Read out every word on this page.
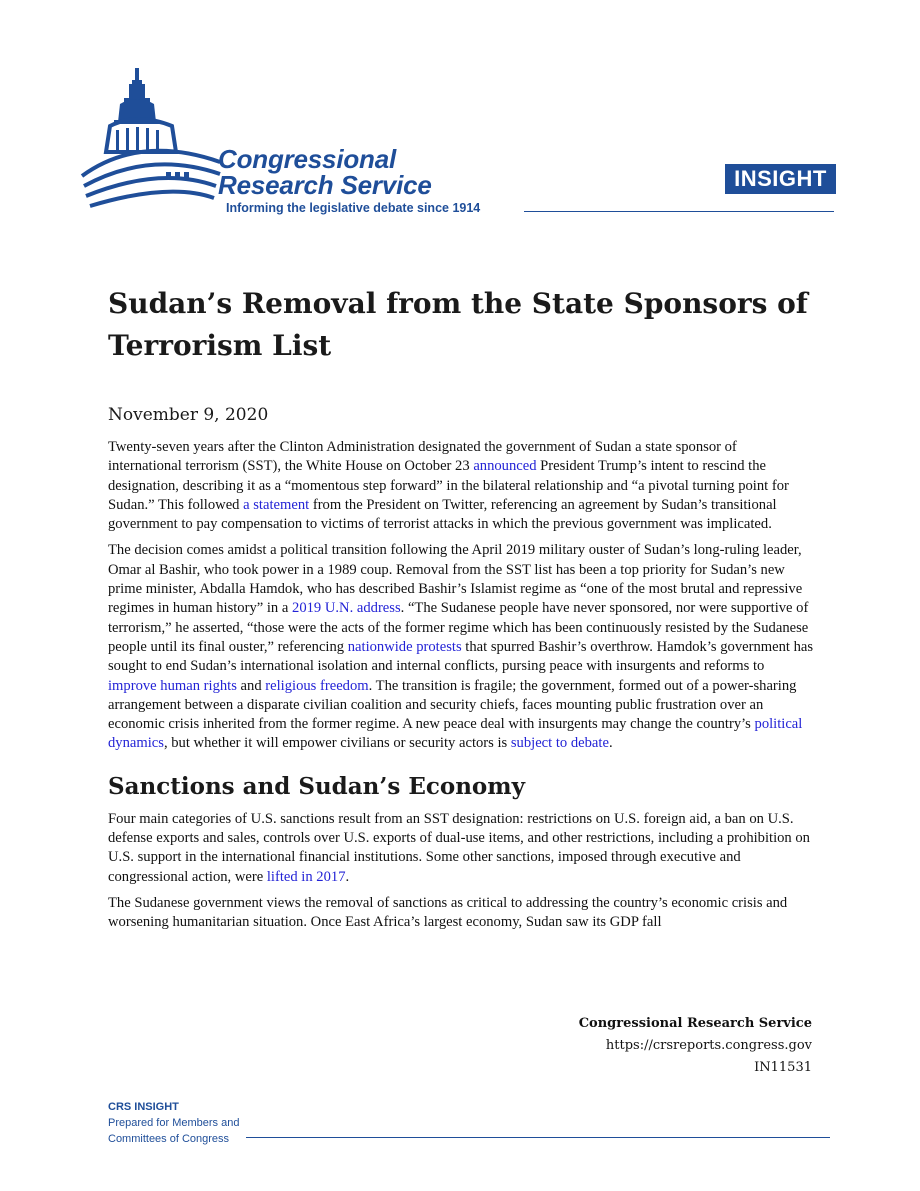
Congressional
Research Service
Informing the legislative debate since 1914
INSIGHT
Sudan’s Removal from the State Sponsors of Terrorism List
November 9, 2020

Twenty-seven years after the Clinton Administration designated the government of Sudan a state sponsor of international terrorism (SST), the White House on October 23 announced President Trump’s intent to rescind the designation, describing it as a “momentous step forward” in the bilateral relationship and “a pivotal turning point for Sudan.” This followed a statement from the President on Twitter, referencing an agreement by Sudan’s transitional government to pay compensation to victims of terrorist attacks in which the previous government was implicated.

The decision comes amidst a political transition following the April 2019 military ouster of Sudan’s long-ruling leader, Omar al Bashir, who took power in a 1989 coup. Removal from the SST list has been a top priority for Sudan’s new prime minister, Abdalla Hamdok, who has described Bashir’s Islamist regime as “one of the most brutal and repressive regimes in human history” in a 2019 U.N. address. “The Sudanese people have never sponsored, nor were supportive of terrorism,” he asserted, “those were the acts of the former regime which has been continuously resisted by the Sudanese people until its final ouster,” referencing nationwide protests that spurred Bashir’s overthrow. Hamdok’s government has sought to end Sudan’s international isolation and internal conflicts, pursing peace with insurgents and reforms to improve human rights and religious freedom. The transition is fragile; the government, formed out of a power-sharing arrangement between a disparate civilian coalition and security chiefs, faces mounting public frustration over an economic crisis inherited from the former regime. A new peace deal with insurgents may change the country’s political dynamics, but whether it will empower civilians or security actors is subject to debate.

Sanctions and Sudan’s Economy

Four main categories of U.S. sanctions result from an SST designation: restrictions on U.S. foreign aid, a ban on U.S. defense exports and sales, controls over U.S. exports of dual-use items, and other restrictions, including a prohibition on U.S. support in the international financial institutions. Some other sanctions, imposed through executive and congressional action, were lifted in 2017.

The Sudanese government views the removal of sanctions as critical to addressing the country’s economic crisis and worsening humanitarian situation. Once East Africa’s largest economy, Sudan saw its GDP fall

Congressional Research Service
https://crsreports.congress.gov
IN11531
CRS INSIGHT
Prepared for Members and
Committees of Congress
